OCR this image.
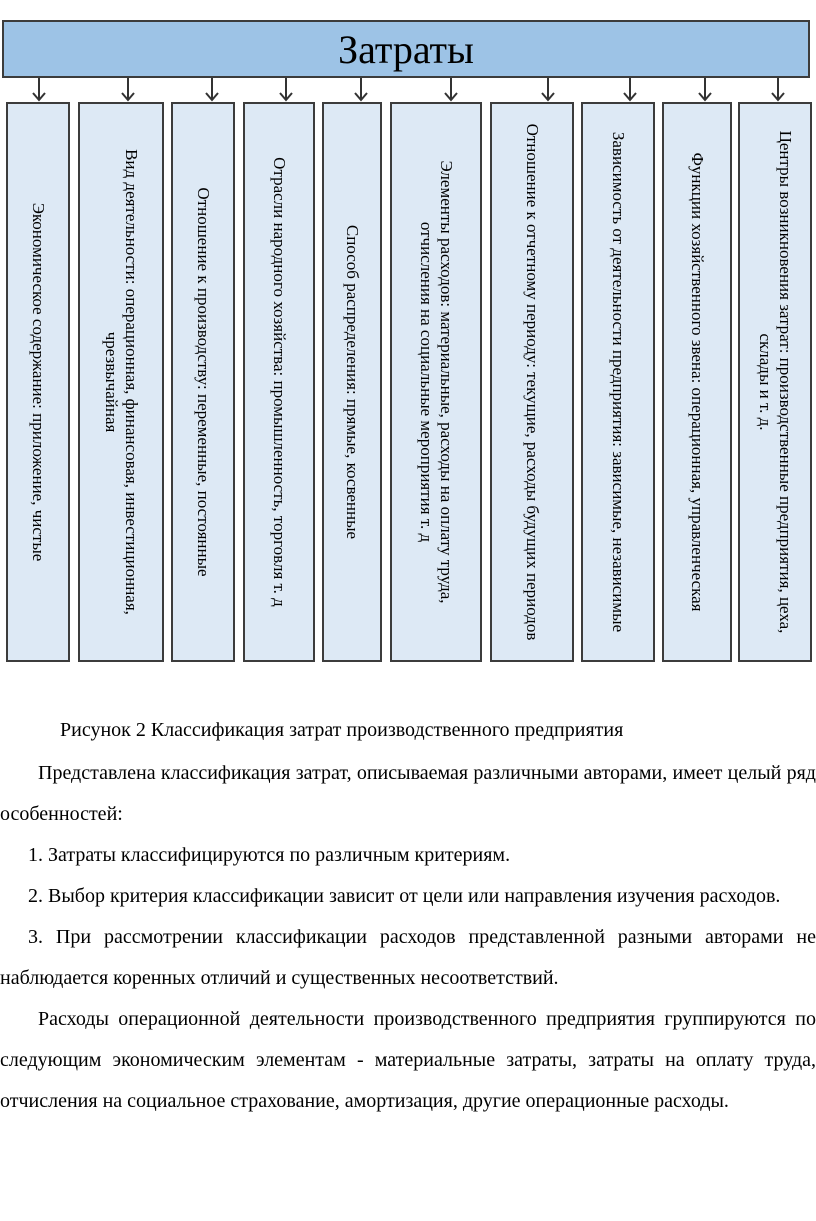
Затраты
Экономическое содержание: приложение, чистые	Вид деятельности: операционная, финансовая, инвестиционная, чрезвычайная	Отношение к производству: переменные, постоянные	Отрасли народного хозяйства: промышленность, торговля т. д	Способ распределения: прямые, косвенные	Элементы расходов: материальные, расходы на оплату труда, отчисления на социальные мероприятия т. д	Отношение к отчетному периоду: текущие, расходы будущих периодов	Зависимость от деятельности предприятия: зависимые, независимые	Функции хозяйственного звена: операционная, управленческая	Центры возникновения затрат: производственные предприятия, цеха, склады и т. д.

Рисунок 2 Классификация затрат производственного предприятия

Представлена классификация затрат, описываемая различными авторами, имеет целый ряд особенностей:

1. Затраты классифицируются по различным критериям.

2. Выбор критерия классификации зависит от цели или направления изучения расходов.

3. При рассмотрении классификации расходов представленной разными авторами не наблюдается коренных отличий и существенных несоответствий.

Расходы операционной деятельности производственного предприятия группируются по следующим экономическим элементам - материальные затраты, затраты на оплату труда, отчисления на социальное страхование, амортизация, другие операционные расходы.
